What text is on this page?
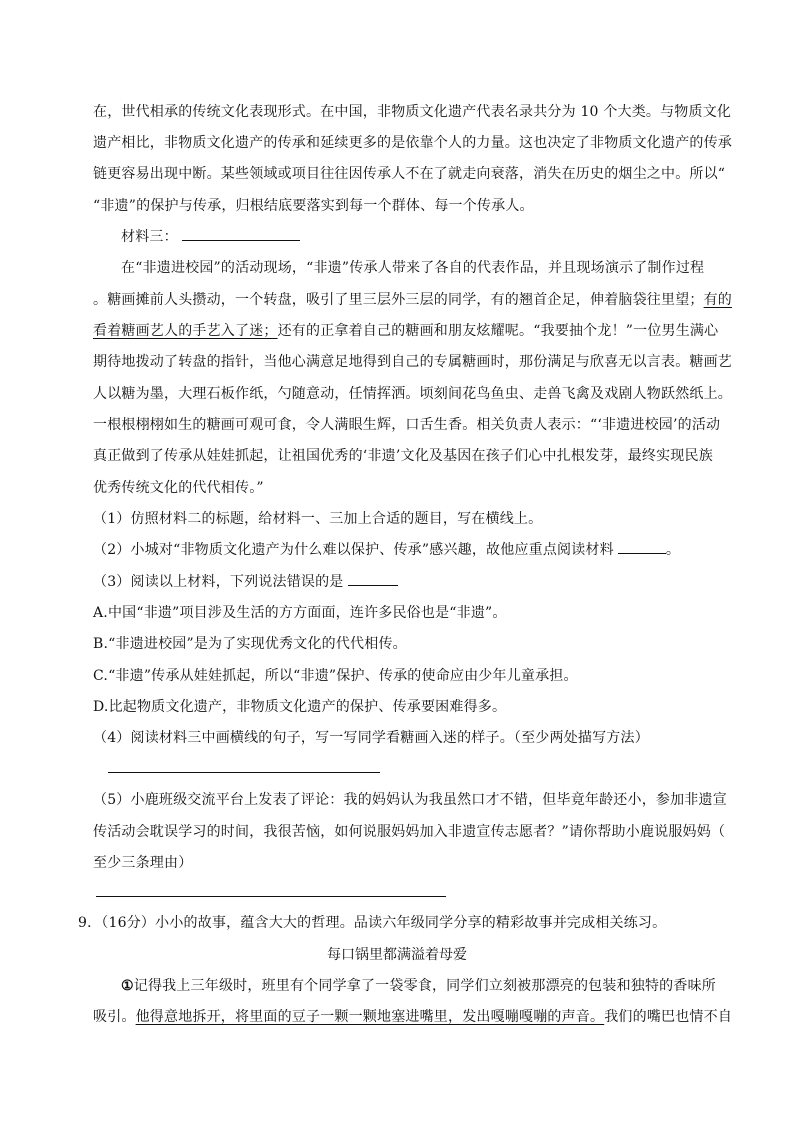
在，世代相承的传统文化表现形式。在中国，非物质文化遗产代表名录共分为 10 个大类。与物质文化
遗产相比，非物质文化遗产的传承和延续更多的是依靠个人的力量。这也决定了非物质文化遗产的传承
链更容易出现中断。某些领域或项目往往因传承人不在了就走向衰落，消失在历史的烟尘之中。所以“
“非遗”的保护与传承，归根结底要落实到每一个群体、每一个传承人。
材料三：
在“非遗进校园”的活动现场，“非遗”传承人带来了各自的代表作品，并且现场演示了制作过程
。糖画摊前人头攒动，一个转盘，吸引了里三层外三层的同学，有的翘首企足，伸着脑袋往里望；有的
看着糖画艺人的手艺入了迷；还有的正拿着自己的糖画和朋友炫耀呢。“我要抽个龙！”一位男生满心
期待地拨动了转盘的指针，当他心满意足地得到自己的专属糖画时，那份满足与欣喜无以言表。糖画艺
人以糖为墨，大理石板作纸，勺随意动，任情挥洒。顷刻间花鸟鱼虫、走兽飞禽及戏剧人物跃然纸上。
一根根栩栩如生的糖画可观可食，令人满眼生辉，口舌生香。相关负责人表示：“‘非遗进校园’的活动
真正做到了传承从娃娃抓起，让祖国优秀的‘非遗’文化及基因在孩子们心中扎根发芽，最终实现民族
优秀传统文化的代代相传。”
（1）仿照材料二的标题，给材料一、三加上合适的题目，写在横线上。
（2）小城对“非物质文化遗产为什么难以保护、传承”感兴趣，故他应重点阅读材料	。
（3）阅读以上材料，下列说法错误的是
A.中国“非遗”项目涉及生活的方方面面，连许多民俗也是“非遗”。
B.“非遗进校园”是为了实现优秀文化的代代相传。
C.“非遗”传承从娃娃抓起，所以“非遗”保护、传承的使命应由少年儿童承担。
D.比起物质文化遗产，非物质文化遗产的保护、传承要困难得多。
（4）阅读材料三中画横线的句子，写一写同学看糖画入迷的样子。（至少两处描写方法）
（5）小鹿班级交流平台上发表了评论：我的妈妈认为我虽然口才不错，但毕竟年龄还小，参加非遗宣
传活动会耽误学习的时间，我很苦恼，如何说服妈妈加入非遗宣传志愿者？”请你帮助小鹿说服妈妈（
至少三条理由）
9．（16分）小小的故事，蕴含大大的哲理。品读六年级同学分享的精彩故事并完成相关练习。
每口锅里都满溢着母爱
①记得我上三年级时，班里有个同学拿了一袋零食，同学们立刻被那漂亮的包装和独特的香味所
吸引。他得意地拆开，将里面的豆子一颗一颗地塞进嘴里，发出嘎嘣嘎嘣的声音。我们的嘴巴也情不自
